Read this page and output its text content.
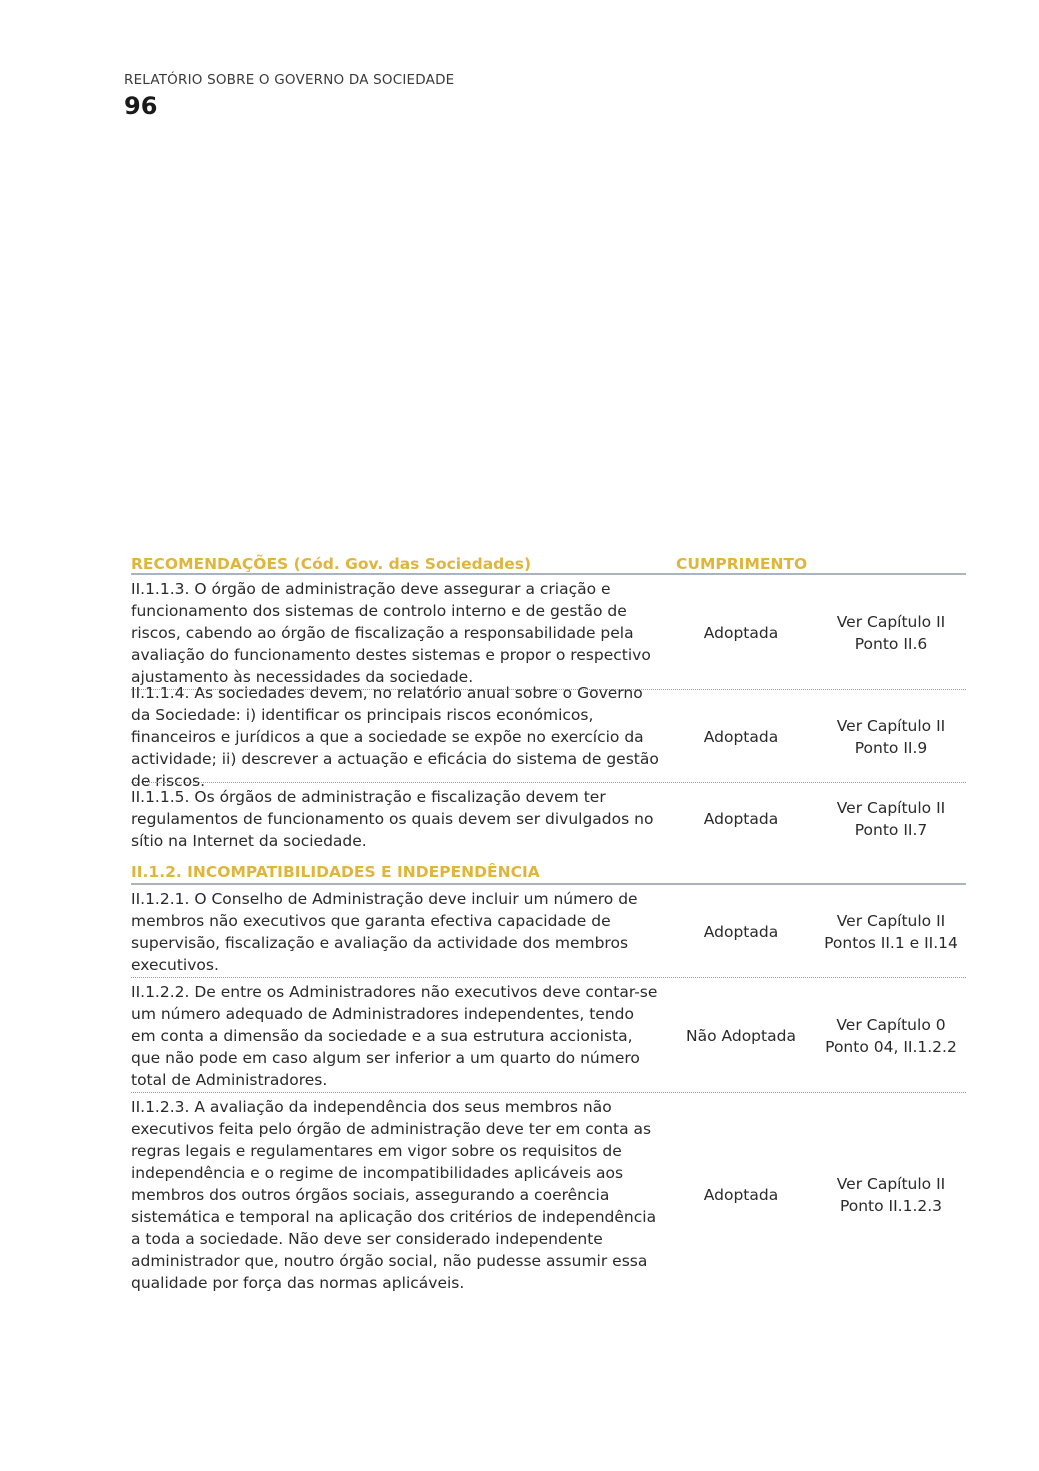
RELATÓRIO SOBRE O GOVERNO DA SOCIEDADE
96
RECOMENDAÇÕES (Cód. Gov. das Sociedades)	CUMPRIMENTO
II.1.1.3. O órgão de administração deve assegurar a criação e funcionamento dos sistemas de controlo interno e de gestão de riscos, cabendo ao órgão de fiscalização a responsabilidade pela avaliação do funcionamento destes sistemas e propor o respectivo ajustamento às necessidades da sociedade.
Adoptada
Ver Capítulo II
Ponto II.6
II.1.1.4. As sociedades devem, no relatório anual sobre o Governo da Sociedade: i) identificar os principais riscos económicos, financeiros e jurídicos a que a sociedade se expõe no exercício da actividade; ii) descrever a actuação e eficácia do sistema de gestão de riscos.
Adoptada
Ver Capítulo II
Ponto II.9
II.1.1.5. Os órgãos de administração e fiscalização devem ter regulamentos de funcionamento os quais devem ser divulgados no sítio na Internet da sociedade.
Adoptada
Ver Capítulo II
Ponto II.7
II.1.2. INCOMPATIBILIDADES E INDEPENDÊNCIA
II.1.2.1. O Conselho de Administração deve incluir um número de membros não executivos que garanta efectiva capacidade de supervisão, fiscalização e avaliação da actividade dos membros executivos.
Adoptada
Ver Capítulo II
Pontos II.1 e II.14
II.1.2.2. De entre os Administradores não executivos deve contar-se um número adequado de Administradores independentes, tendo em conta a dimensão da sociedade e a sua estrutura accionista, que não pode em caso algum ser inferior a um quarto do número total de Administradores.
Não Adoptada
Ver Capítulo 0
Ponto 04, II.1.2.2
II.1.2.3. A avaliação da independência dos seus membros não executivos feita pelo órgão de administração deve ter em conta as regras legais e regulamentares em vigor sobre os requisitos de independência e o regime de incompatibilidades aplicáveis aos membros dos outros órgãos sociais, assegurando a coerência sistemática e temporal na aplicação dos critérios de independência a toda a sociedade. Não deve ser considerado independente administrador que, noutro órgão social, não pudesse assumir essa qualidade por força das normas aplicáveis.
Adoptada
Ver Capítulo II
Ponto II.1.2.3
